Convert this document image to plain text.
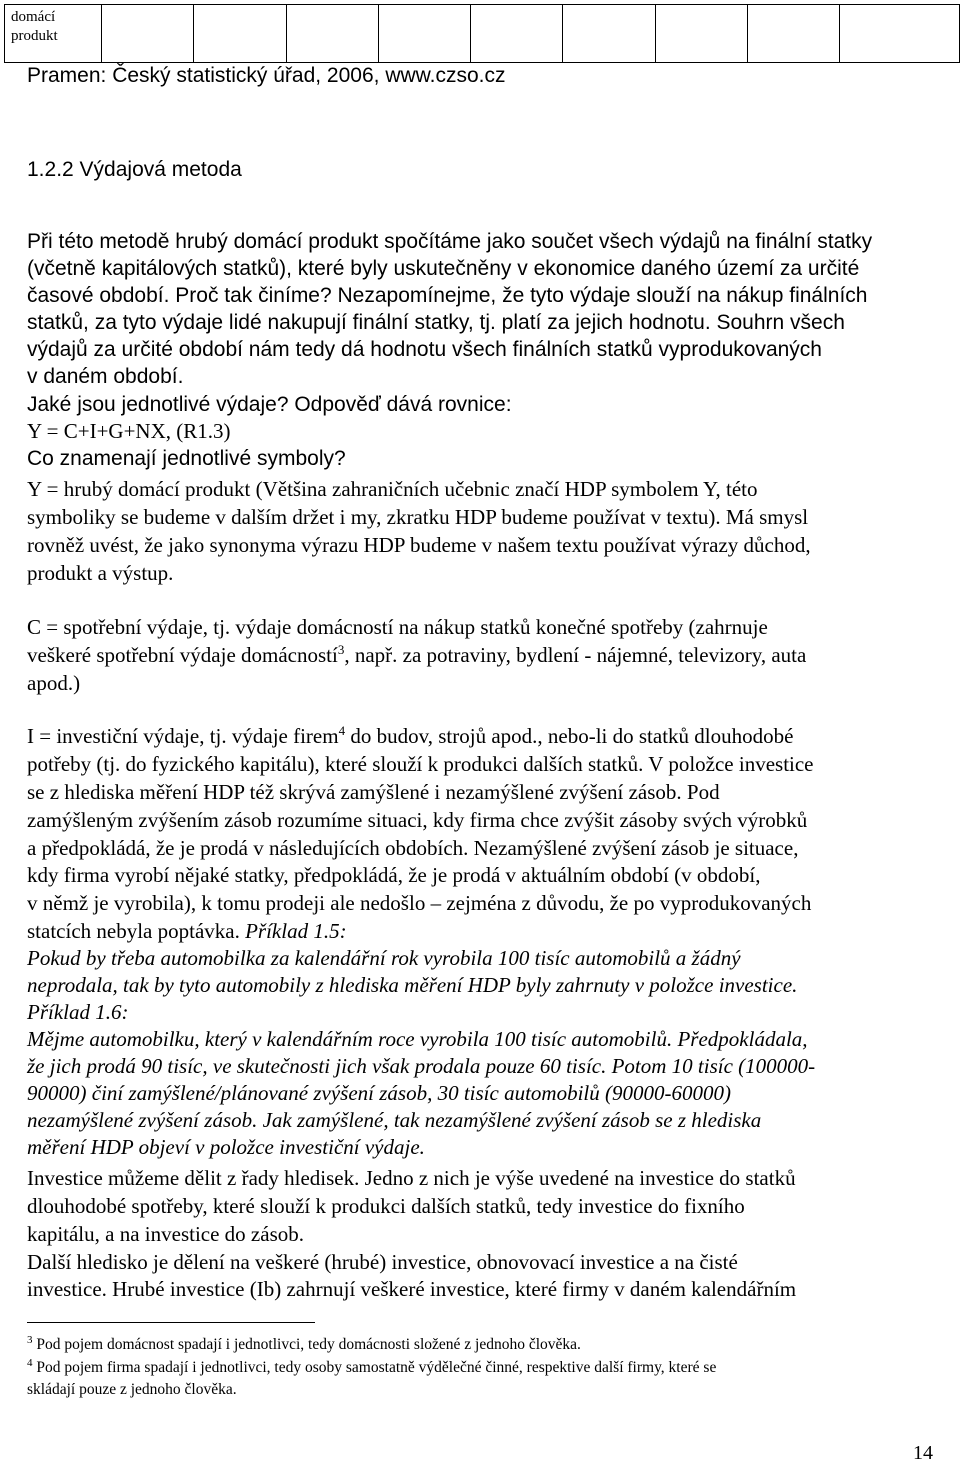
domácí produkt									
Pramen: Český statistický úřad, 2006, www.czso.cz
1.2.2 Výdajová metoda
Při této metodě hrubý domácí produkt spočítáme jako součet všech výdajů na finální statky
(včetně kapitálových statků), které byly uskutečněny v ekonomice daného území za určité
časové období. Proč tak činíme? Nezapomínejme, že tyto výdaje slouží na nákup finálních
statků, za tyto výdaje lidé nakupují finální statky, tj. platí za jejich hodnotu. Souhrn všech
výdajů za určité období nám tedy dá hodnotu všech finálních statků vyprodukovaných
v daném období.
Jaké jsou jednotlivé výdaje? Odpověď dává rovnice:
Y = C+I+G+NX, (R1.3)
Co znamenají jednotlivé symboly?
Y = hrubý domácí produkt (Většina zahraničních učebnic značí HDP symbolem Y, této
symboliky se budeme v dalším držet i my, zkratku HDP budeme používat v textu). Má smysl
rovněž uvést, že jako synonyma výrazu HDP budeme v našem textu používat výrazy důchod,
produkt a výstup.
C = spotřební výdaje, tj. výdaje domácností na nákup statků konečné spotřeby (zahrnuje
veškeré spotřební výdaje domácností$^3$, např. za potraviny, bydlení - nájemné, televizory, auta
apod.)
I = investiční výdaje, tj. výdaje firem$^4$ do budov, strojů apod., nebo-li do statků dlouhodobé
potřeby (tj. do fyzického kapitálu), které slouží k produkci dalších statků. V položce investice
se z hlediska měření HDP též skrývá zamýšlené i nezamýšlené zvýšení zásob. Pod
zamýšleným zvýšením zásob rozumíme situaci, kdy firma chce zvýšit zásoby svých výrobků
a předpokládá, že je prodá v následujících obdobích. Nezamýšlené zvýšení zásob je situace,
kdy firma vyrobí nějaké statky, předpokládá, že je prodá v aktuálním období (v období,
v němž je vyrobila), k tomu prodeji ale nedošlo – zejména z důvodu, že po vyprodukovaných
statcích nebyla poptávka. Příklad 1.5:
Pokud by třeba automobilka za kalendářní rok vyrobila 100 tisíc automobilů a žádný
neprodala, tak by tyto automobily z hlediska měření HDP byly zahrnuty v položce investice.
Příklad 1.6:
Mějme automobilku, který v kalendářním roce vyrobila 100 tisíc automobilů. Předpokládala,
že jich prodá 90 tisíc, ve skutečnosti jich však prodala pouze 60 tisíc. Potom 10 tisíc (100000-
90000) činí zamýšlené/plánované zvýšení zásob, 30 tisíc automobilů (90000-60000)
nezamýšlené zvýšení zásob. Jak zamýšlené, tak nezamýšlené zvýšení zásob se z hlediska
měření HDP objeví v položce investiční výdaje.
Investice můžeme dělit z řady hledisek. Jedno z nich je výše uvedené na investice do statků
dlouhodobé spotřeby, které slouží k produkci dalších statků, tedy investice do fixního
kapitálu, a na investice do zásob.
Další hledisko je dělení na veškeré (hrubé) investice, obnovovací investice a na čisté
investice. Hrubé investice (Ib) zahrnují veškeré investice, které firmy v daném kalendářním
$^3$ Pod pojem domácnost spadají i jednotlivci, tedy domácnosti složené z jednoho člověka.
$^4$ Pod pojem firma spadají i jednotlivci, tedy osoby samostatně výdělečné činné, respektive další firmy, které se
skládají pouze z jednoho člověka.
14
